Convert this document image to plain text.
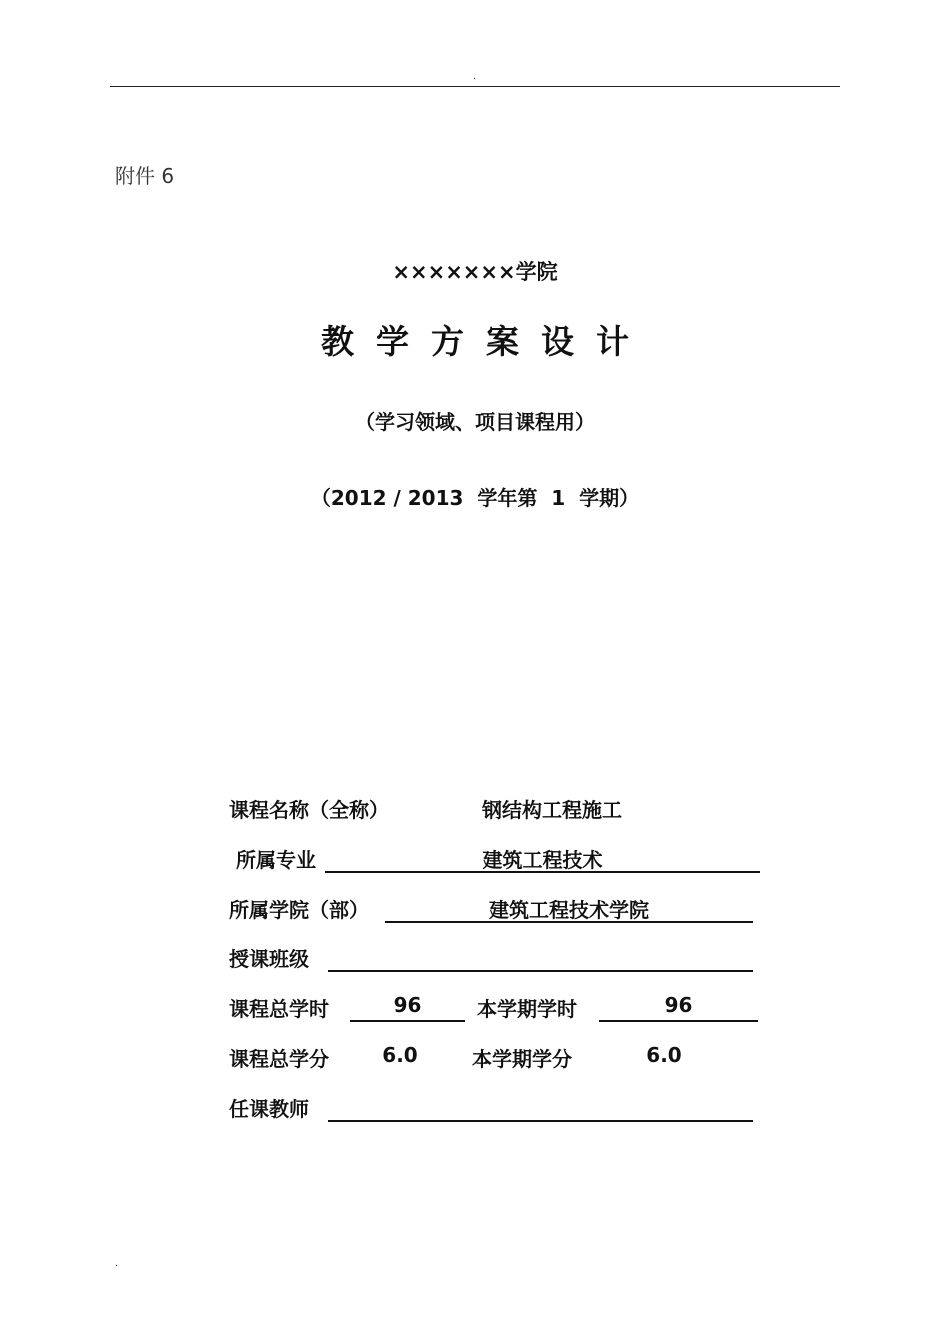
.
附件 6
×××××××学院
教学方案设计
（学习领域、项目课程用）
（2012 / 2013  学年第  1  学期）
课程名称（全称）	钢结构工程施工
所属专业	建筑工程技术
所属学院（部）	建筑工程技术学院
授课班级
课程总学时	96	本学期学时	96
课程总学分	6.0	本学期学分	6.0
任课教师
.
